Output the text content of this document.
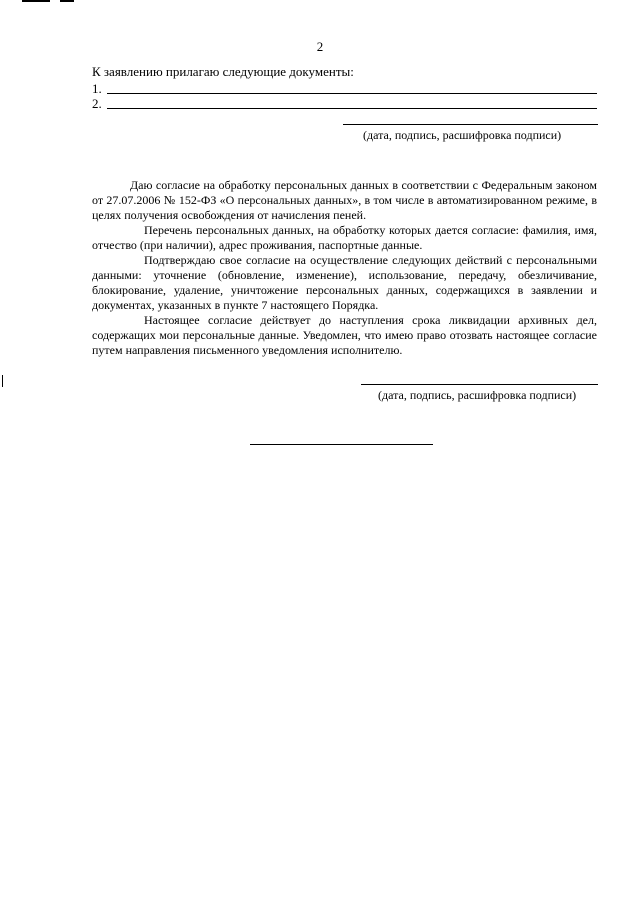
2
К заявлению прилагаю следующие документы:
1.
2.
(дата, подпись, расшифровка подписи)

Даю согласие на обработку персональных данных в соответствии с Федеральным законом от 27.07.2006 № 152-ФЗ «О персональных данных», в том числе в автоматизированном режиме, в целях получения освобождения от начисления пеней.

Перечень персональных данных, на обработку которых дается согласие: фамилия, имя, отчество (при наличии), адрес проживания, паспортные данные.

Подтверждаю свое согласие на осуществление следующих действий с персональными данными: уточнение (обновление, изменение), использование, передачу, обезличивание, блокирование, удаление, уничтожение персональных данных, содержащихся в заявлении и документах, указанных в пункте 7 настоящего Порядка.

Настоящее согласие действует до наступления срока ликвидации архивных дел, содержащих мои персональные данные. Уведомлен, что имею право отозвать настоящее согласие путем направления письменного уведомления исполнителю.

(дата, подпись, расшифровка подписи)
